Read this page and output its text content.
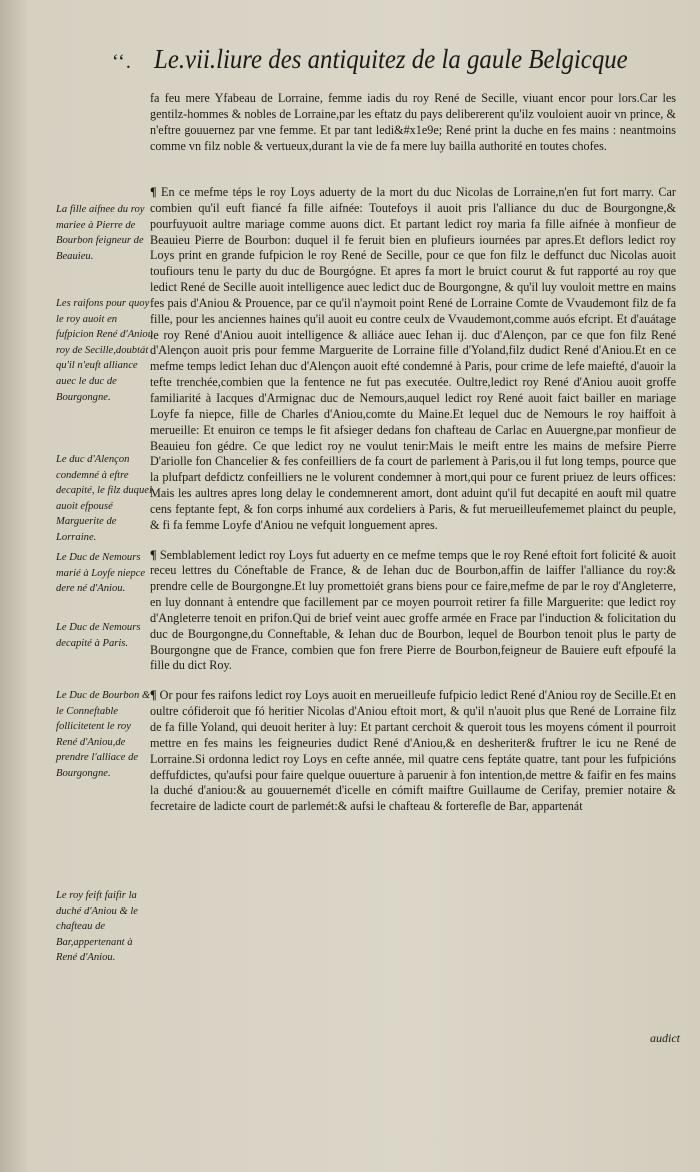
‘‘. Le.vii.liure des antiquitez de la gaule Belgicque

fa feu mere Yfabeau de Lorraine, femme iadis du roy René de Secille, viuant encor pour lors.Car les gentilz-hommes & nobles de Lorraine,par les eftatz du pays delibererent qu'ilz vouloient auoir vn prince, & n'eftre gouuernez par vne femme. Et par tant ledi&#x1e9e; René print la duche en fes mains : neantmoins comme vn filz noble & vertueux,durant la vie de fa mere luy bailla authorité en toutes chofes.

¶ En ce mefme téps le roy Loys aduerty de la mort du duc Nicolas de Lorraine,n'en fut fort marry. Car combien qu'il euft fiancé fa fille aifnée: Toutefoys il auoit pris l'alliance du duc de Bourgongne,& pourfuyuoit aultre mariage comme auons dict. Et partant ledict roy maria fa fille aifnée à monfieur de Beauieu Pierre de Bourbon: duquel il fe feruit bien en plufieurs iournées par apres.Et deflors ledict roy Loys print en grande fufpicion le roy René de Secille, pour ce que fon filz le deffunct duc Nicolas auoit toufiours tenu le party du duc de Bourgógne. Et apres fa mort le bruict courut & fut rapporté au roy que ledict René de Secille auoit intelligence auec ledict duc de Bourgongne, & qu'il luy vouloit mettre en mains fes pais d'Aniou & Prouence, par ce qu'il n'aymoit point René de Lorraine Comte de Vvaudemont filz de fa fille, pour les anciennes haines qu'il auoit eu contre ceulx de Vvaudemont,comme auós efcript. Et d'auátage le roy René d'Aniou auoit intelligence & alliáce auec Iehan ij. duc d'Alençon, par ce que fon filz René d'Alençon auoit pris pour femme Marguerite de Lorraine fille d'Yoland,filz dudict René d'Aniou.Et en ce mefme temps ledict Iehan duc d'Alençon auoit efté condemné à Paris, pour crime de lefe maiefté, d'auoir la tefte trenchée,combien que la fentence ne fut pas executée. Oultre,ledict roy René d'Aniou auoit groffe familiarité à Iacques d'Armignac duc de Nemours,auquel ledict roy René auoit faict bailler en mariage Loyfe fa niepce, fille de Charles d'Aniou,comte du Maine.Et lequel duc de Nemours le roy haiffoit à merueille: Et enuiron ce temps le fit afsieger dedans fon chafteau de Carlac en Auuergne,par monfieur de Beauieu fon gédre. Ce que ledict roy ne voulut tenir:Mais le meift entre les mains de mefsire Pierre D'ariolle fon Chancelier & fes confeilliers de fa court de parlement à Paris,ou il fut long temps, pource que la plufpart defdictz confeilliers ne le volurent condemner à mort,qui pour ce furent priuez de leurs offices: Mais les aultres apres long delay le condemnerent amort, dont aduint qu'il fut decapité en aouft mil quatre cens feptante fept, & fon corps inhumé aux cordeliers à Paris, & fut merueilleufememet plainct du peuple, & fi fa femme Loyfe d'Aniou ne vefquit longuement apres.

¶ Semblablement ledict roy Loys fut aduerty en ce mefme temps que le roy René eftoit fort folicité & auoit receu lettres du Cóneftable de France, & de Iehan duc de Bourbon,affin de laiffer l'alliance du roy:& prendre celle de Bourgongne.Et luy promettoiét grans biens pour ce faire,mefme de par le roy d'Angleterre, en luy donnant à entendre que facillement par ce moyen pourroit retirer fa fille Marguerite: que ledict roy d'Angleterre tenoit en prifon.Qui de brief veint auec groffe armée en Frace par l'induction & folicitation du duc de Bourgongne,du Conneftable, & Iehan duc de Bourbon, lequel de Bourbon tenoit plus le party de Bourgongne que de France, combien que fon frere Pierre de Bourbon,feigneur de Bauiere euft efpoufé la fille du dict Roy.

¶ Or pour fes raifons ledict roy Loys auoit en merueilleufe fufpicio ledict René d'Aniou roy de Secille.Et en oultre cófideroit que fó heritier Nicolas d'Aniou eftoit mort, & qu'il n'auoit plus que René de Lorraine filz de fa fille Yoland, qui deuoit heriter à luy: Et partant cerchoit & queroit tous les moyens cóment il pourroit mettre en fes mains les feigneuries dudict René d'Aniou,& en desheriter& fruftrer le icu ne René de Lorraine.Si ordonna ledict roy Loys en cefte année, mil quatre cens feptáte quatre, tant pour les fufpicións deffufdictes, qu'aufsi pour faire quelque ouuerture à paruenir à fon intention,de mettre & faifir en fes mains la duché d'aniou:& au gouuernemét d'icelle en cómift maiftre Guillaume de Cerifay, premier notaire & fecretaire de ladicte court de parlemét:& aufsi le chafteau & forterefle de Bar, appartenát

La fille aifnee du roy mariee à Pierre de Bourbon feigneur de Beauieu.
Les raifons pour quoy le roy auoit en fufpicion René d'Aniou roy de Secille,doubtát qu'il n'euft alliance auec le duc de Bourgongne.
Le duc d'Alençon condemné à eftre decapité, le filz duquel auoit efpousé Marguerite de Lorraine.
Le Duc de Nemours marié à Loyfe niepce dere né d'Aniou.
Le Duc de Nemours decapité à Paris.
Le Duc de Bourbon & le Conneftable follicitetent le roy René d'Aniou,de prendre l'alliace de Bourgongne.
Le roy feift faifir la duché d'Aniou & le chafteau de Bar,appertenant à René d'Aniou.
audict
